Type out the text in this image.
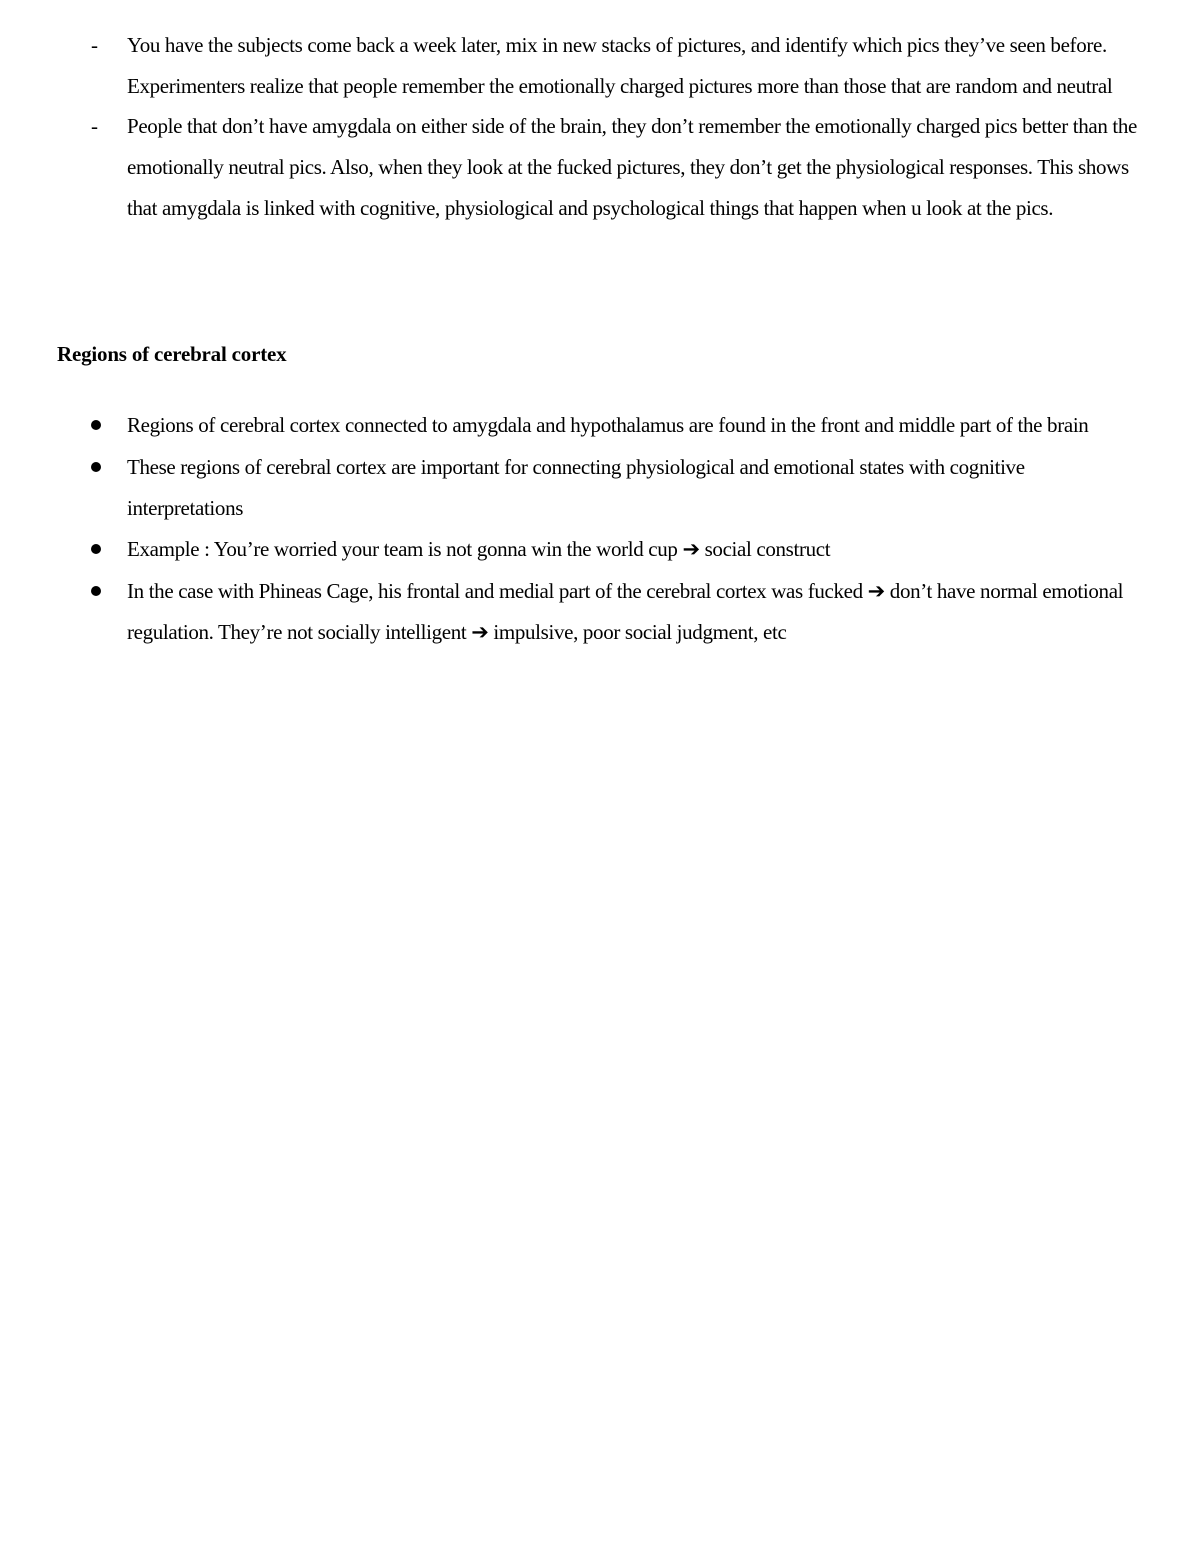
-	You have the subjects come back a week later, mix in new stacks of pictures, and identify which pics they’ve seen before. Experimenters realize that people remember the emotionally charged pictures more than those that are random and neutral
-	People that don’t have amygdala on either side of the brain, they don’t remember the emotionally charged pics better than the emotionally neutral pics. Also, when they look at the fucked pictures, they don’t get the physiological responses. This shows that amygdala is linked with cognitive, physiological and psychological things that happen when u look at the pics.
Regions of cerebral cortex
Regions of cerebral cortex connected to amygdala and hypothalamus are found in the front and middle part of the brain
These regions of cerebral cortex are important for connecting physiological and emotional states with cognitive interpretations
Example : You’re worried your team is not gonna win the world cup ➔ social construct
In the case with Phineas Cage, his frontal and medial part of the cerebral cortex was fucked ➔ don’t have normal emotional regulation. They’re not socially intelligent ➔ impulsive, poor social judgment, etc
